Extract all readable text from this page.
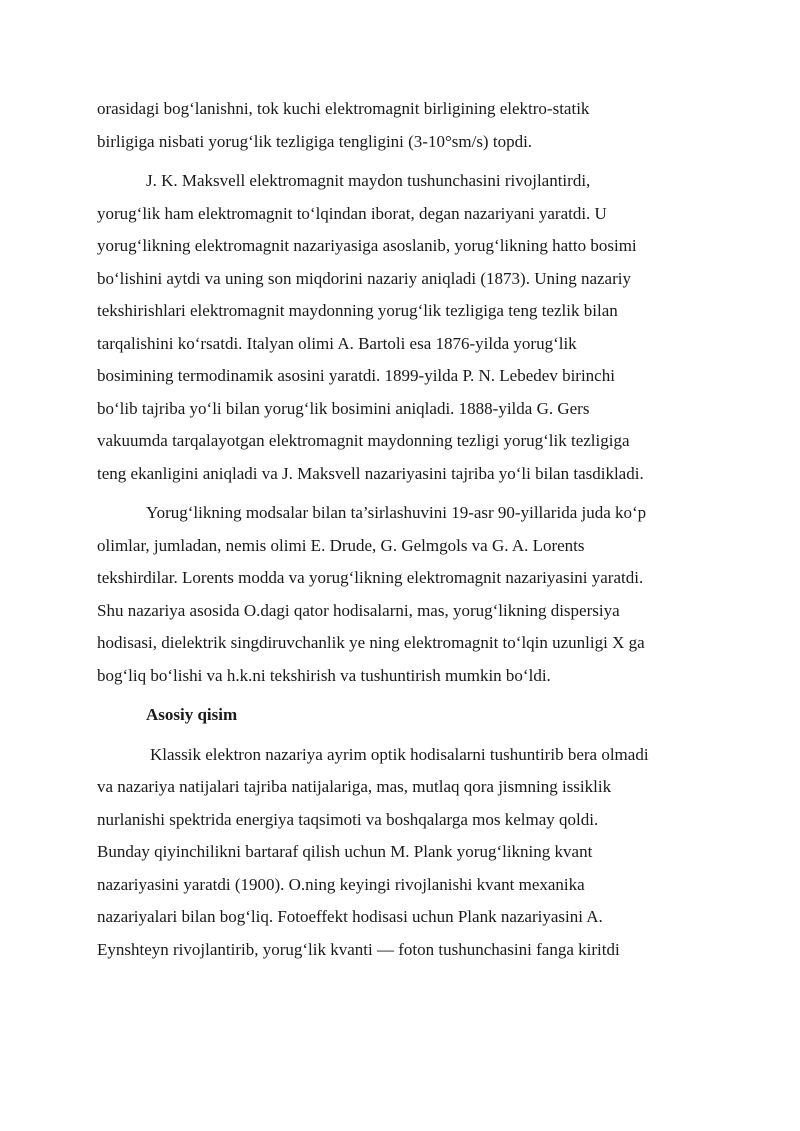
orasidagi bog‘lanishni, tok kuchi elektromagnit birligining elektro-statik
birligiga nisbati yorug‘lik tezligiga tengligini (3-10°sm/s) topdi.
J. K. Maksvell elektromagnit maydon tushunchasini rivojlantirdi,
yorug‘lik ham elektromagnit to‘lqindan iborat, degan nazariyani yaratdi. U
yorug‘likning elektromagnit nazariyasiga asoslanib, yorug‘likning hatto bosimi
bo‘lishini aytdi va uning son miqdorini nazariy aniqladi (1873). Uning nazariy
tekshirishlari elektromagnit maydonning yorug‘lik tezligiga teng tezlik bilan
tarqalishini ko‘rsatdi. Italyan olimi A. Bartoli esa 1876-yilda yorug‘lik
bosimining termodinamik asosini yaratdi. 1899-yilda P. N. Lebedev birinchi
bo‘lib tajriba yo‘li bilan yorug‘lik bosimini aniqladi. 1888-yilda G. Gers
vakuumda tarqalayotgan elektromagnit maydonning tezligi yorug‘lik tezligiga
teng ekanligini aniqladi va J. Maksvell nazariyasini tajriba yo‘li bilan tasdikladi.
Yorug‘likning modsalar bilan ta’sirlashuvini 19-asr 90-yillarida juda ko‘p
olimlar, jumladan, nemis olimi E. Drude, G. Gelmgols va G. A. Lorents
tekshirdilar. Lorents modda va yorug‘likning elektromagnit nazariyasini yaratdi.
Shu nazariya asosida O.dagi qator hodisalarni, mas, yorug‘likning dispersiya
hodisasi, dielektrik singdiruvchanlik ye ning elektromagnit to‘lqin uzunligi X ga
bog‘liq bo‘lishi va h.k.ni tekshirish va tushuntirish mumkin bo‘ldi.
Asosiy qisim
Klassik elektron nazariya ayrim optik hodisalarni tushuntirib bera olmadi
va nazariya natijalari tajriba natijalariga, mas, mutlaq qora jismning issiklik
nurlanishi spektrida energiya taqsimoti va boshqalarga mos kelmay qoldi.
Bunday qiyinchilikni bartaraf qilish uchun M. Plank yorug‘likning kvant
nazariyasini yaratdi (1900). O.ning keyingi rivojlanishi kvant mexanika
nazariyalari bilan bog‘liq. Fotoeffekt hodisasi uchun Plank nazariyasini A.
Eynshteyn rivojlantirib, yorug‘lik kvanti — foton tushunchasini fanga kiritdi
